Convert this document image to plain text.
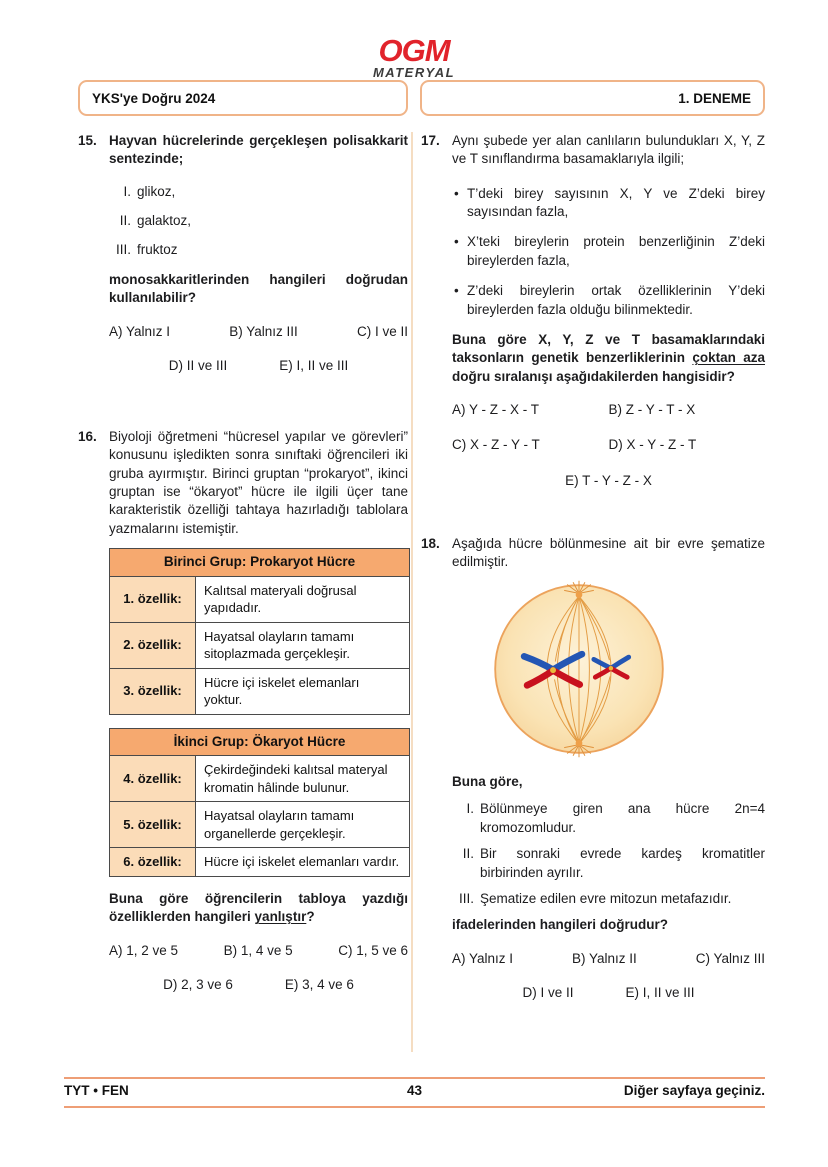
OGM
MATERYAL
YKS'ye Doğru 2024	1. DENEME
15. Hayvan hücrelerinde gerçekleşen polisakkarit sentezinde;

I. glikoz,
II. galaktoz,
III. fruktoz

monosakkaritlerinden hangileri doğrudan kullanılabilir?

A) Yalnız I	B) Yalnız III	C) I ve II
D) II ve III	E) I, II ve III
16. Biyoloji öğretmeni “hücresel yapılar ve görevleri” konusunu işledikten sonra sınıftaki öğrencileri iki gruba ayırmıştır. Birinci gruptan “prokaryot”, ikinci gruptan ise “ökaryot” hücre ile ilgili üçer tane karakteristik özelliği tahtaya hazırladığı tablolara yazmalarını istemiştir.

Birinci Grup: Prokaryot Hücre	
1. özellik:	Kalıtsal materyali doğrusal yapıdadır.
2. özellik:	Hayatsal olayların tamamı sitoplazmada gerçekleşir.
3. özellik:	Hücre içi iskelet elemanları yoktur.
İkinci Grup: Ökaryot Hücre	
4. özellik:	Çekirdeğindeki kalıtsal materyal kromatin hâlinde bulunur.
5. özellik:	Hayatsal olayların tamamı organellerde gerçekleşir.
6. özellik:	Hücre içi iskelet elemanları vardır.

Buna göre öğrencilerin tabloya yazdığı özelliklerden hangileri yanlıştır?

A) 1, 2 ve 5	B) 1, 4 ve 5	C) 1, 5 ve 6
D) 2, 3 ve 6	E) 3, 4 ve 6
17. Aynı şubede yer alan canlıların bulundukları X, Y, Z ve T sınıflandırma basamaklarıyla ilgili;

• T’deki birey sayısının X, Y ve Z’deki birey sayısından fazla,
• X’teki bireylerin protein benzerliğinin Z’deki bireylerden fazla,
• Z’deki bireylerin ortak özelliklerinin Y’deki bireylerden fazla olduğu bilinmektedir.

Buna göre X, Y, Z ve T basamaklarındaki taksonların genetik benzerliklerinin çoktan aza doğru sıralanışı aşağıdakilerden hangisidir?

A) Y - Z - X - T	B) Z - Y - T - X
C) X - Z - Y - T	D) X - Y - Z - T
E) T - Y - Z - X
18. Aşağıda hücre bölünmesine ait bir evre şematize edilmiştir.

Buna göre,

I. Bölünmeye giren ana hücre 2n=4 kromozomludur.
II. Bir sonraki evrede kardeş kromatitler birbirinden ayrılır.
III. Şematize edilen evre mitozun metafazıdır.

ifadelerinden hangileri doğrudur?

A) Yalnız I	B) Yalnız II	C) Yalnız III
D) I ve II	E) I, II ve III
TYT • FEN	43	Diğer sayfaya geçiniz.
